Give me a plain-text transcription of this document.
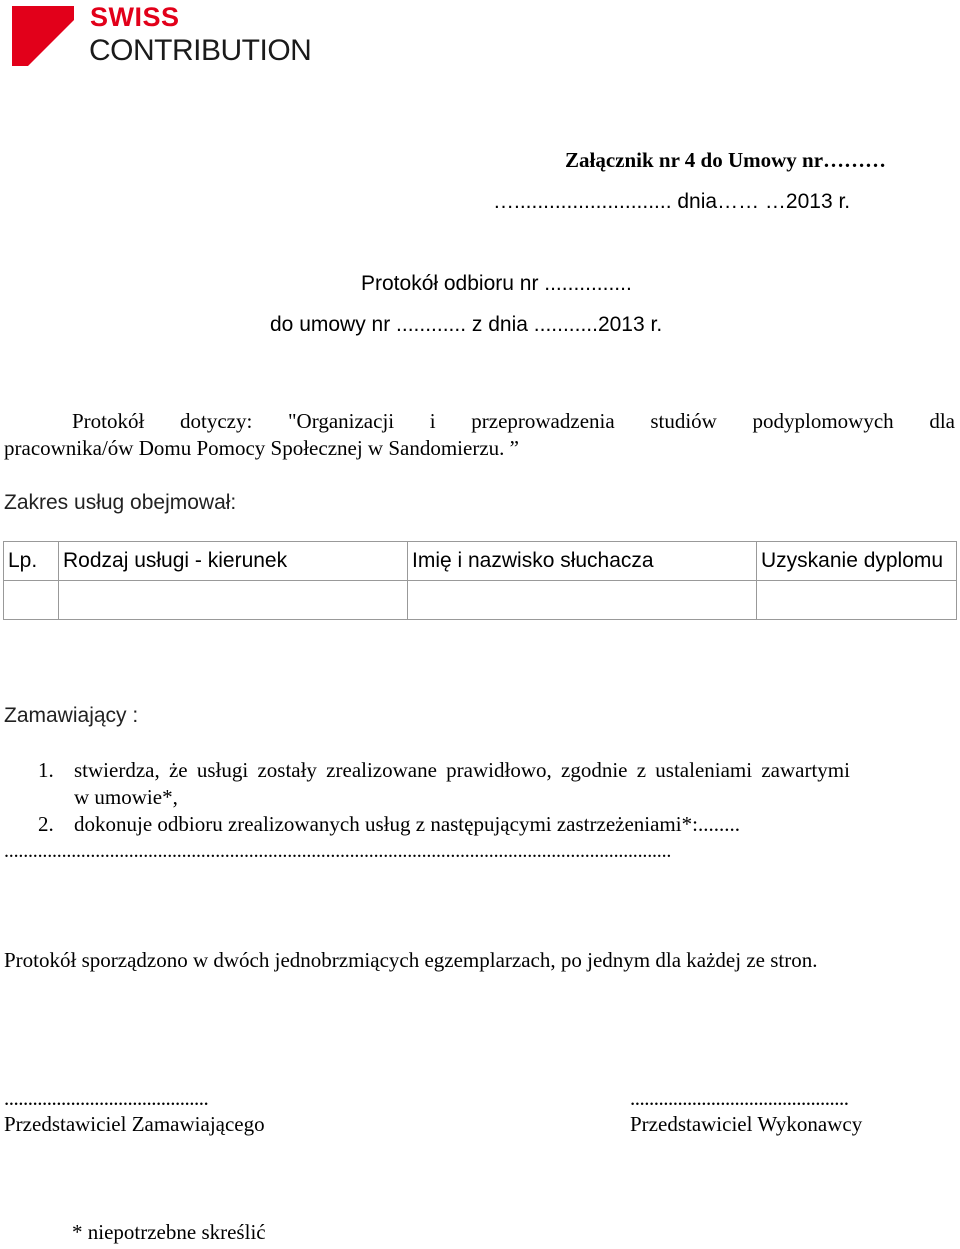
SWISS
CONTRIBUTION
Załącznik nr 4 do Umowy nr………
…........................... dnia…… …2013 r.
Protokół odbioru nr ...............
do umowy nr ............ z dnia ...........2013 r.
Protokół dotyczy: "Organizacji i przeprowadzenia studiów podyplomowych dla
pracownika/ów Domu Pomocy Społecznej w Sandomierzu. ”
Zakres usług obejmował:
Lp.	Rodzaj usługi - kierunek	Imię i nazwisko słuchacza	Uzyskanie dyplomu

Zamawiający :
1. stwierdza, że usługi zostały zrealizowane prawidłowo, zgodnie z ustaleniami zawartymi
w umowie*,
2. dokonuje odbioru zrealizowanych usług z następującymi zastrzeżeniami*:........
...........................................................................................................................................
Protokół sporządzono w dwóch jednobrzmiących egzemplarzach, po jednym dla każdej ze stron.
...........................................
Przedstawiciel Zamawiającego
..............................................
Przedstawiciel Wykonawcy
* niepotrzebne skreślić
